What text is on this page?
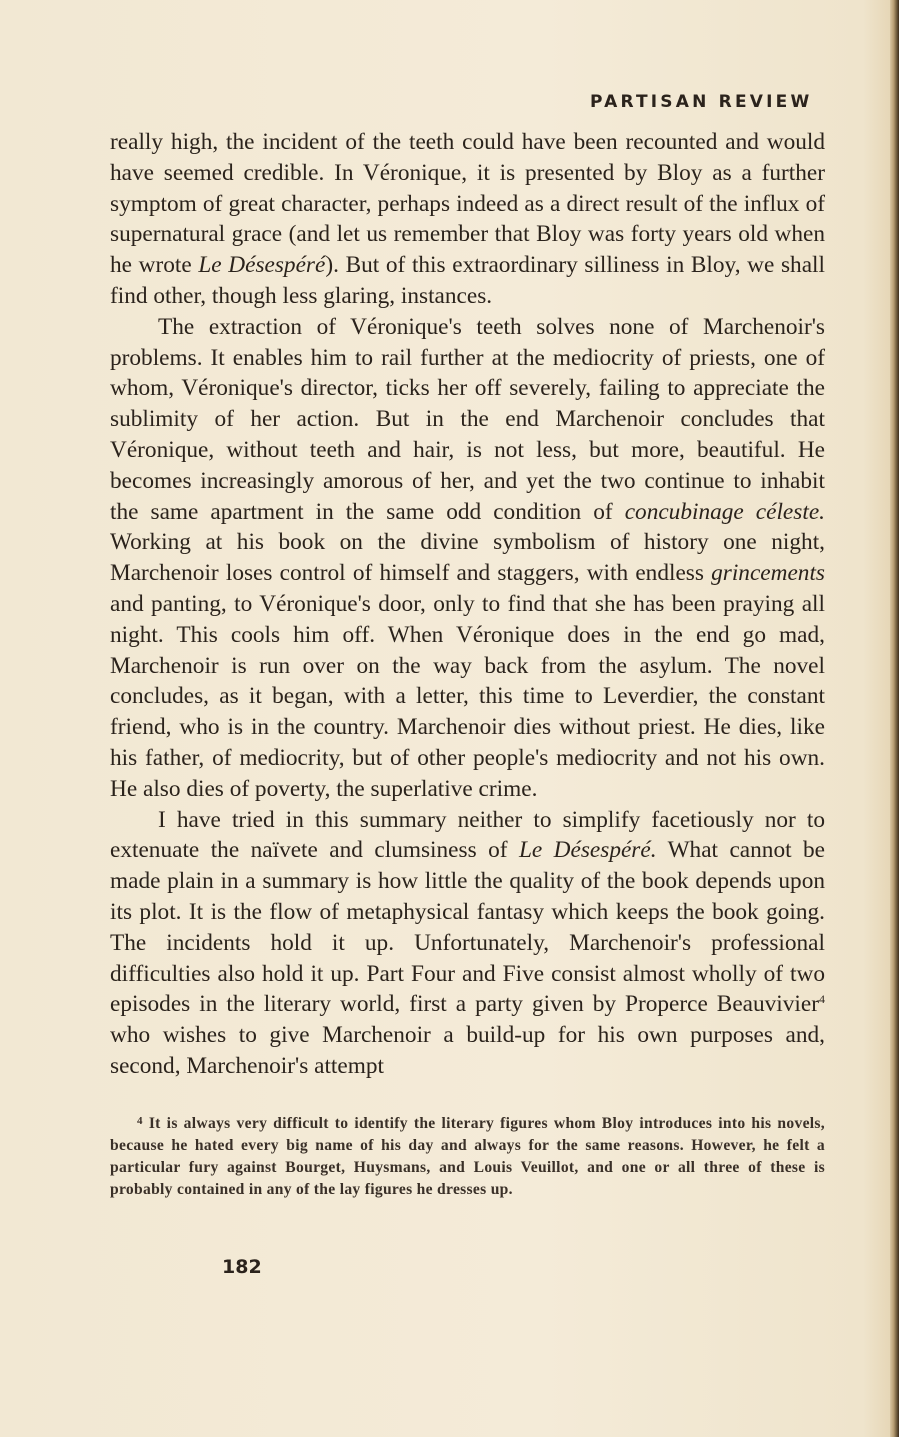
PARTISAN REVIEW

really high, the incident of the teeth could have been recounted and would have seemed credible. In Véronique, it is presented by Bloy as a further symptom of great character, perhaps indeed as a direct result of the influx of supernatural grace (and let us remember that Bloy was forty years old when he wrote Le Désespéré). But of this extraordinary silliness in Bloy, we shall find other, though less glaring, instances.

The extraction of Véronique's teeth solves none of Marchenoir's problems. It enables him to rail further at the mediocrity of priests, one of whom, Véronique's director, ticks her off severely, failing to appreciate the sublimity of her action. But in the end Marchenoir concludes that Véronique, without teeth and hair, is not less, but more, beautiful. He becomes increasingly amorous of her, and yet the two continue to inhabit the same apartment in the same odd condition of concubinage céleste. Working at his book on the divine symbolism of history one night, Marchenoir loses control of himself and staggers, with endless grincements and panting, to Véronique's door, only to find that she has been praying all night. This cools him off. When Véronique does in the end go mad, Marchenoir is run over on the way back from the asylum. The novel concludes, as it began, with a letter, this time to Leverdier, the constant friend, who is in the country. Marchenoir dies without priest. He dies, like his father, of mediocrity, but of other people's mediocrity and not his own. He also dies of poverty, the superlative crime.

I have tried in this summary neither to simplify facetiously nor to extenuate the naïvete and clumsiness of Le Désespéré. What cannot be made plain in a summary is how little the quality of the book depends upon its plot. It is the flow of metaphysical fantasy which keeps the book going. The incidents hold it up. Unfortunately, Marchenoir's professional difficulties also hold it up. Part Four and Five consist almost wholly of two episodes in the literary world, first a party given by Properce Beauvivier$^4$ who wishes to give Marchenoir a build-up for his own purposes and, second, Marchenoir's attempt

$^4$ It is always very difficult to identify the literary figures whom Bloy introduces into his novels, because he hated every big name of his day and always for the same reasons. However, he felt a particular fury against Bourget, Huysmans, and Louis Veuillot, and one or all three of these is probably contained in any of the lay figures he dresses up.

182
